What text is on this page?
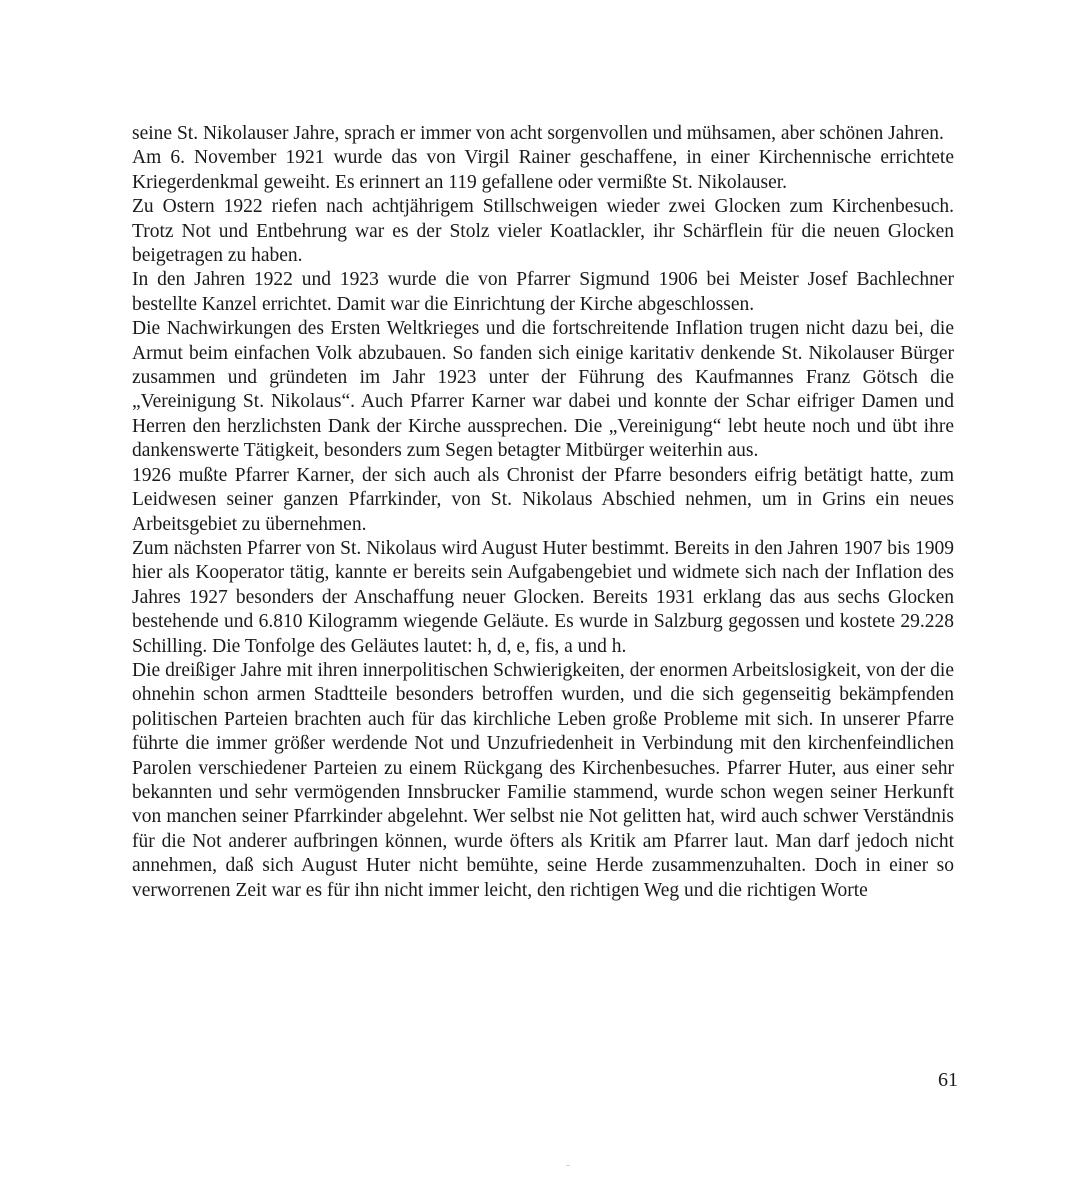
seine St. Nikolauser Jahre, sprach er immer von acht sorgenvollen und mühsamen, aber schönen Jahren.

Am 6. November 1921 wurde das von Virgil Rainer geschaffene, in einer Kirchennische errichtete Kriegerdenkmal geweiht. Es erinnert an 119 gefallene oder vermißte St. Nikolauser.

Zu Ostern 1922 riefen nach achtjährigem Stillschweigen wieder zwei Glocken zum Kirchenbesuch. Trotz Not und Entbehrung war es der Stolz vieler Koatlackler, ihr Schärflein für die neuen Glocken beigetragen zu haben.

In den Jahren 1922 und 1923 wurde die von Pfarrer Sigmund 1906 bei Meister Josef Bachlechner bestellte Kanzel errichtet. Damit war die Einrichtung der Kirche abgeschlossen.

Die Nachwirkungen des Ersten Weltkrieges und die fortschreitende Inflation trugen nicht dazu bei, die Armut beim einfachen Volk abzubauen. So fanden sich einige karitativ denkende St. Nikolauser Bürger zusammen und gründeten im Jahr 1923 unter der Führung des Kaufmannes Franz Götsch die „Vereinigung St. Nikolaus“. Auch Pfarrer Karner war dabei und konnte der Schar eifriger Damen und Herren den herzlichsten Dank der Kirche aussprechen. Die „Vereinigung“ lebt heute noch und übt ihre dankenswerte Tätigkeit, besonders zum Segen betagter Mitbürger weiterhin aus.

1926 mußte Pfarrer Karner, der sich auch als Chronist der Pfarre besonders eifrig betätigt hatte, zum Leidwesen seiner ganzen Pfarrkinder, von St. Nikolaus Abschied nehmen, um in Grins ein neues Arbeitsgebiet zu übernehmen.

Zum nächsten Pfarrer von St. Nikolaus wird August Huter bestimmt. Bereits in den Jahren 1907 bis 1909 hier als Kooperator tätig, kannte er bereits sein Aufgabengebiet und widmete sich nach der Inflation des Jahres 1927 besonders der Anschaffung neuer Glocken. Bereits 1931 erklang das aus sechs Glocken bestehende und 6.810 Kilogramm wiegende Geläute. Es wurde in Salzburg gegossen und kostete 29.228 Schilling. Die Tonfolge des Geläutes lautet: h, d, e, fis, a und h.

Die dreißiger Jahre mit ihren innerpolitischen Schwierigkeiten, der enormen Arbeitslosigkeit, von der die ohnehin schon armen Stadtteile besonders betroffen wurden, und die sich gegenseitig bekämpfenden politischen Parteien brachten auch für das kirchliche Leben große Probleme mit sich. In unserer Pfarre führte die immer größer werdende Not und Unzufriedenheit in Verbindung mit den kirchenfeindlichen Parolen verschiedener Parteien zu einem Rückgang des Kirchenbesuches. Pfarrer Huter, aus einer sehr bekannten und sehr vermögenden Innsbrucker Familie stammend, wurde schon wegen seiner Herkunft von manchen seiner Pfarrkinder abgelehnt. Wer selbst nie Not gelitten hat, wird auch schwer Verständnis für die Not anderer aufbringen können, wurde öfters als Kritik am Pfarrer laut. Man darf jedoch nicht annehmen, daß sich August Huter nicht bemühte, seine Herde zusammenzuhalten. Doch in einer so verworrenen Zeit war es für ihn nicht immer leicht, den richtigen Weg und die richtigen Worte

61
